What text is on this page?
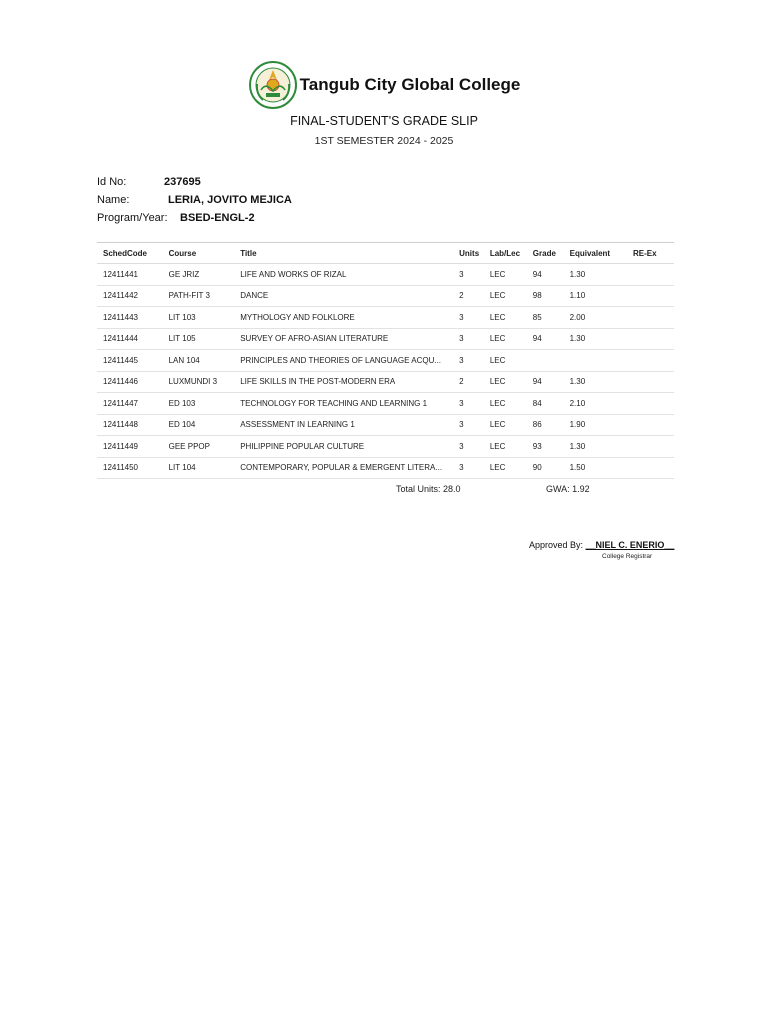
Tangub City Global College
FINAL-STUDENT'S GRADE SLIP
1ST SEMESTER 2024 - 2025
Id No:	237695
Name:	LERIA, JOVITO MEJICA
Program/Year: BSED-ENGL-2
SchedCode	Course	Title	Units	Lab/Lec	Grade	Equivalent	RE-Ex
12411441	GE JRIZ	LIFE AND WORKS OF RIZAL	3	LEC	94	1.30	
12411442	PATH-FIT 3	DANCE	2	LEC	98	1.10	
12411443	LIT 103	MYTHOLOGY AND FOLKLORE	3	LEC	85	2.00	
12411444	LIT 105	SURVEY OF AFRO-ASIAN LITERATURE	3	LEC	94	1.30	
12411445	LAN 104	PRINCIPLES AND THEORIES OF LANGUAGE ACQU...	3	LEC			
12411446	LUXMUNDI 3	LIFE SKILLS IN THE POST-MODERN ERA	2	LEC	94	1.30	
12411447	ED 103	TECHNOLOGY FOR TEACHING AND LEARNING 1	3	LEC	84	2.10	
12411448	ED 104	ASSESSMENT IN LEARNING 1	3	LEC	86	1.90	
12411449	GEE PPOP	PHILIPPINE POPULAR CULTURE	3	LEC	93	1.30	
12411450	LIT 104	CONTEMPORARY, POPULAR & EMERGENT LITERA...	3	LEC	90	1.50	
Total Units: 28.0	GWA: 1.92
Approved By: __NIEL C. ENERIO__
College Registrar
